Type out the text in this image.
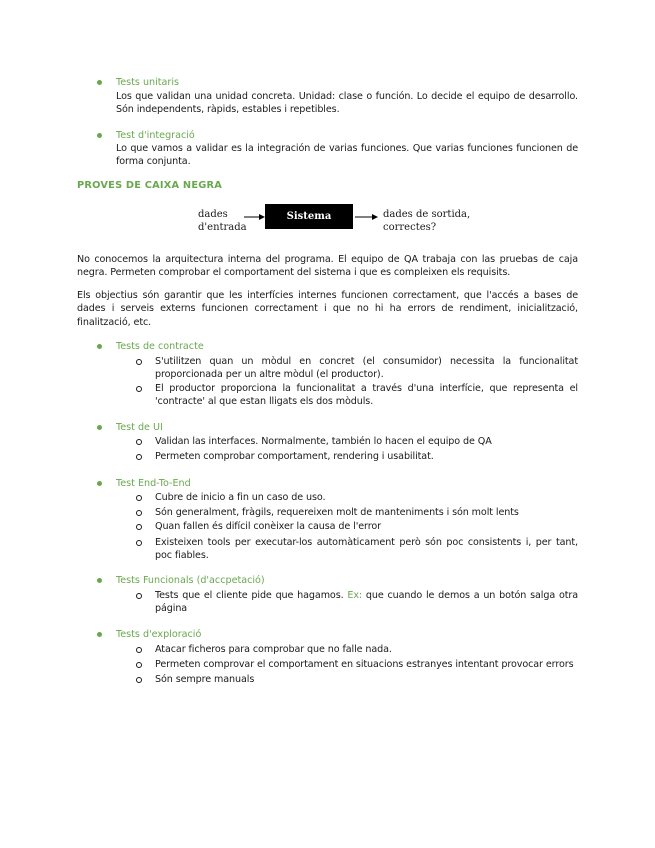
Tests unitaris
Los que validan una unidad concreta. Unidad: clase o función. Lo decide el equipo de desarrollo. Són independents, ràpids, estables i repetibles.
Test d'integració
Lo que vamos a validar es la integración de varias funciones. Que varias funciones funcionen de forma conjunta.
PROVES DE CAIXA NEGRA
dades
d'entrada
Sistema	dades de sortida,
correctes?
No conocemos la arquitectura interna del programa. El equipo de QA trabaja con las pruebas de caja negra. Permeten comprobar el comportament del sistema i que es compleixen els requisits.
Els objectius són garantir que les interfícies internes funcionen correctament, que l'accés a bases de dades i serveis externs funcionen correctament i que no hi ha errors de rendiment, inicialització, finalització, etc.
Tests de contracte
S'utilitzen quan un mòdul en concret (el consumidor) necessita la funcionalitat proporcionada per un altre mòdul (el productor).
El productor proporciona la funcionalitat a través d'una interfície, que representa el 'contracte' al que estan lligats els dos mòduls.
Test de UI
Validan las interfaces. Normalmente, también lo hacen el equipo de QA
Permeten comprobar comportament, rendering i usabilitat.
Test End-To-End
Cubre de inicio a fin un caso de uso.
Són generalment, fràgils, requereixen molt de manteniments i són molt lents
Quan fallen és difícil conèixer la causa de l'error
Existeixen tools per executar-los automàticament però són poc consistents i, per tant, poc fiables.
Tests Funcionals (d'accpetació)
Tests que el cliente pide que hagamos. Ex: que cuando le demos a un botón salga otra página
Tests d'exploració
Atacar ficheros para comprobar que no falle nada.
Permeten comprovar el comportament en situacions estranyes intentant provocar errors
Són sempre manuals
